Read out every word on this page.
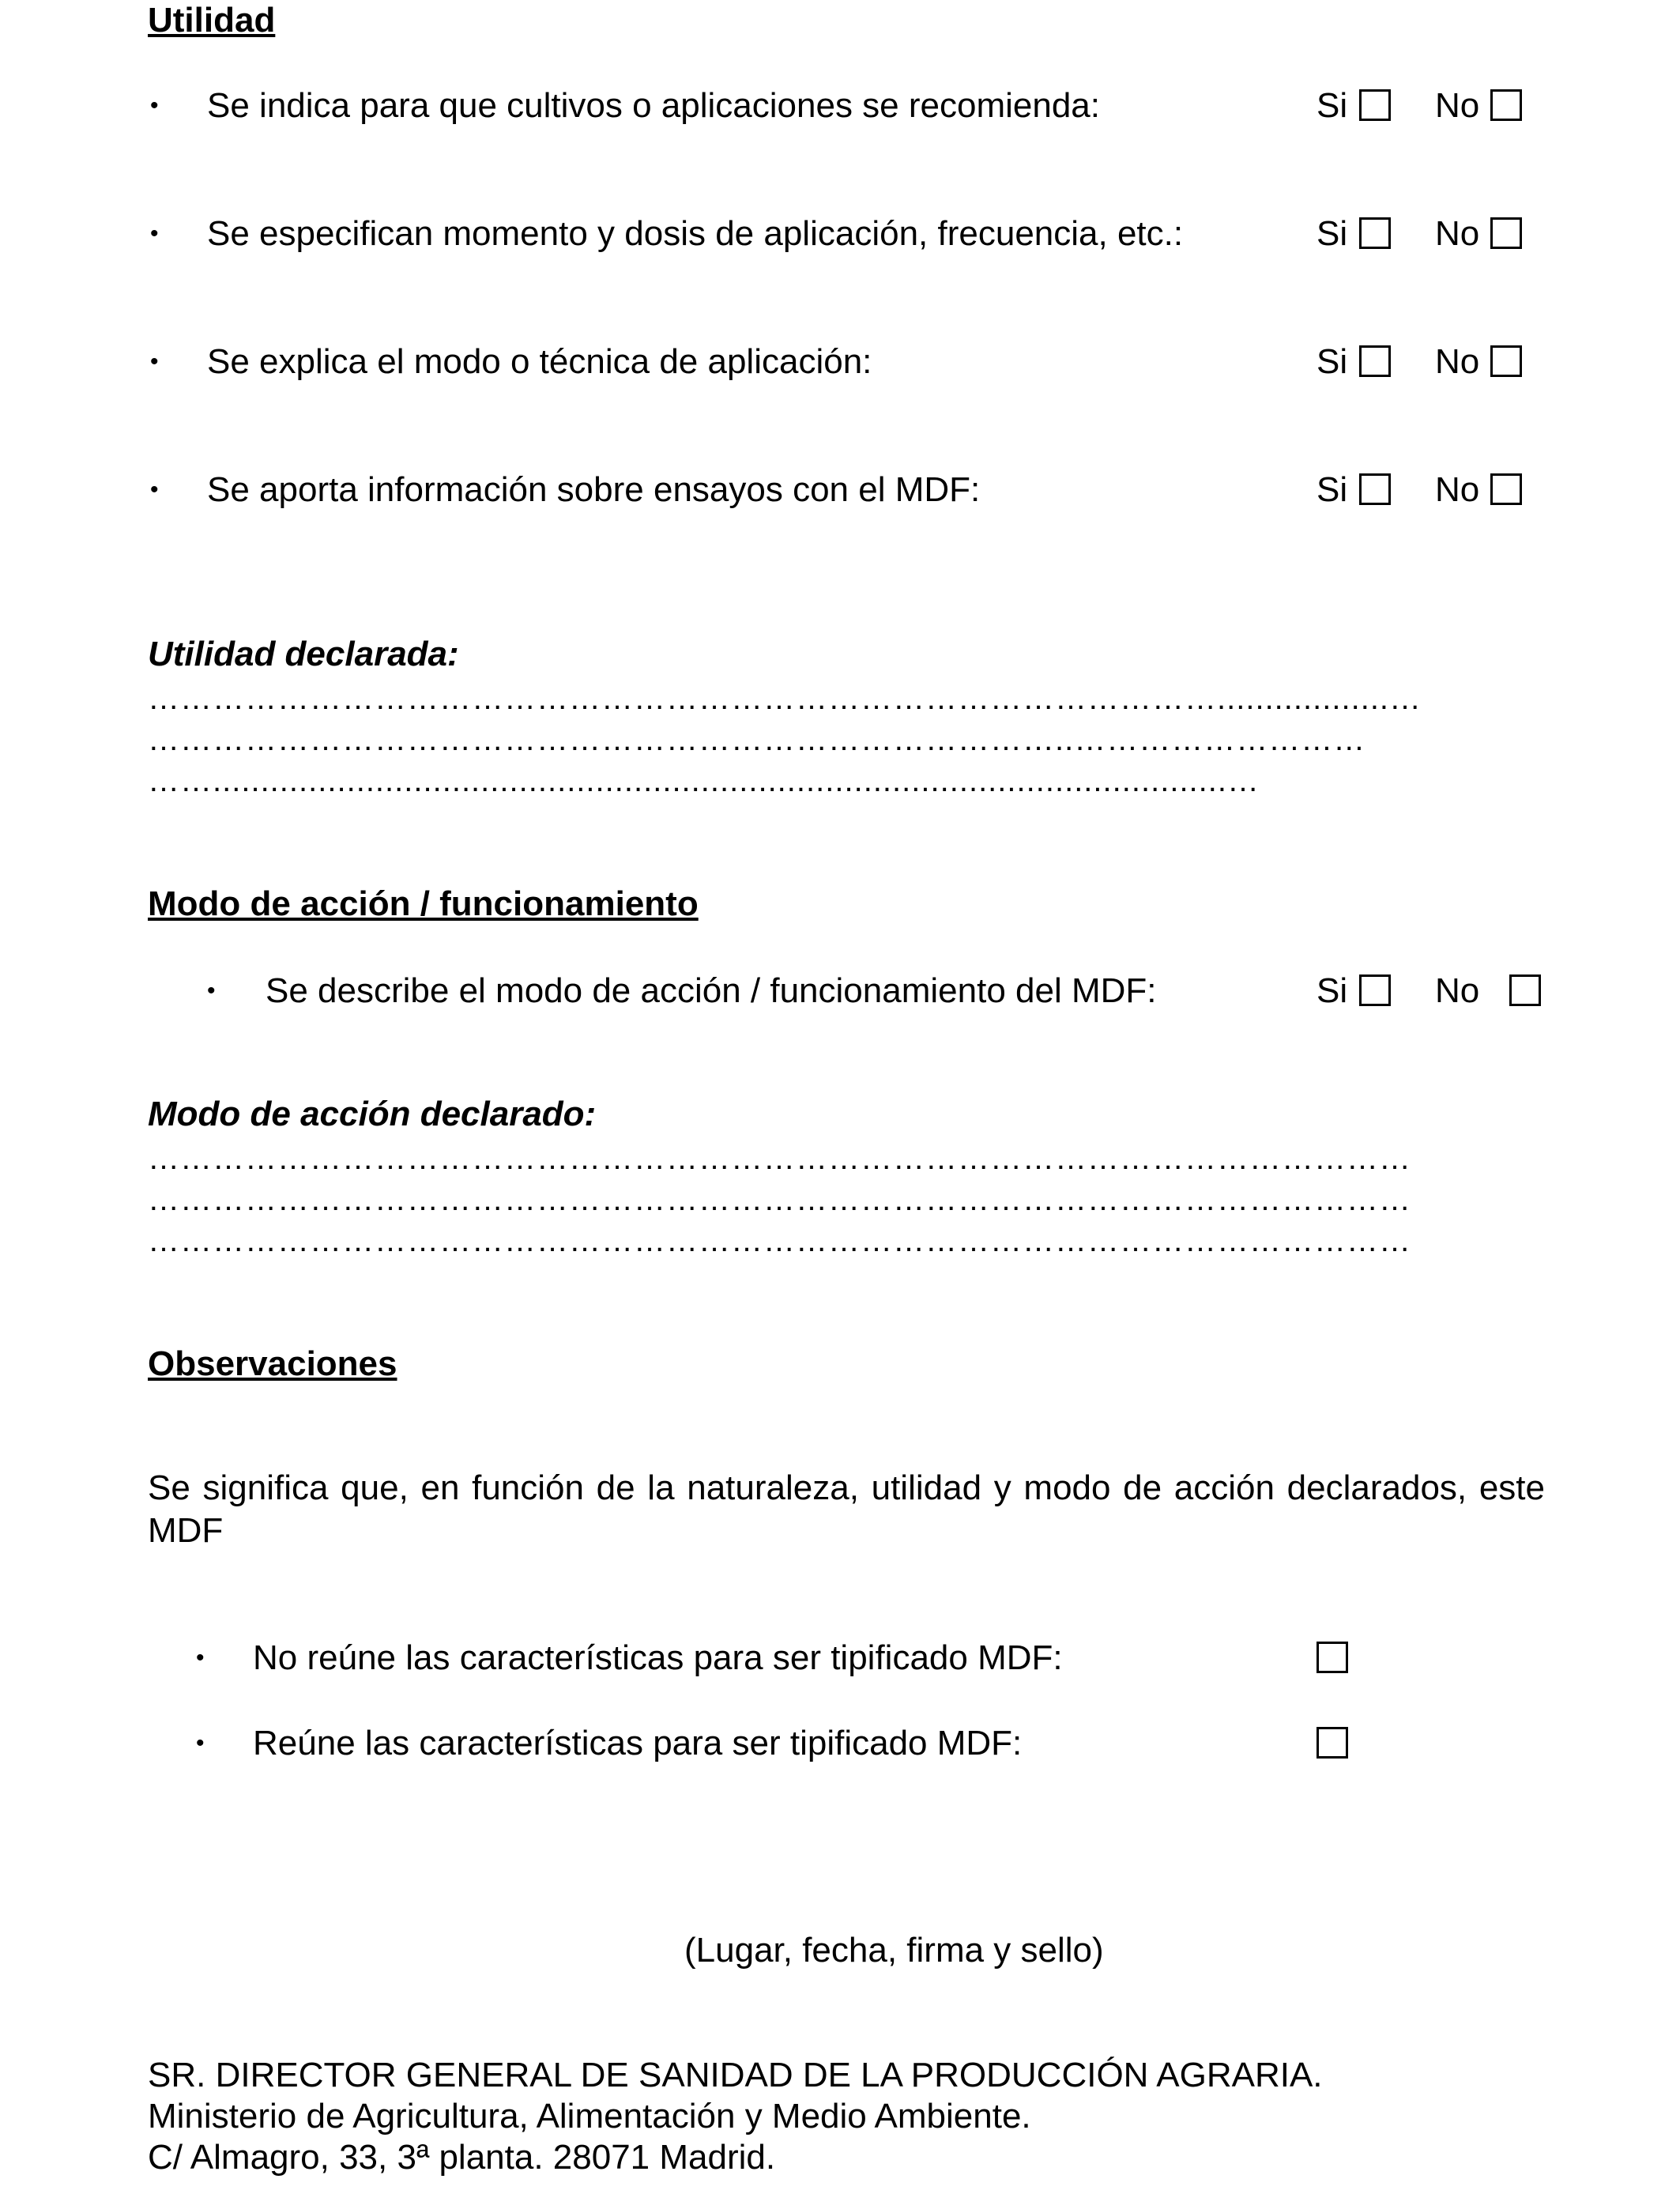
Utilidad
• Se indica para que cultivos o aplicaciones se recomienda:	Si	No
• Se especifican momento y dosis de aplicación, frecuencia, etc.:	Si	No
• Se explica el modo o técnica de aplicación:	Si	No
• Se aporta información sobre ensayos con el MDF:	Si	No
Utilidad declarada:
………………………………………………………………………………………..................…
…………………………………………………………………………..………………………
……..........................................................................................................…
Modo de acción / funcionamiento
• Se describe el modo de acción / funcionamiento del MDF:	Si	No
Modo de acción declarado:
………………………………………………………………………………………………………
………………………………………………………………………………………………………
………………………………………………………………………………………………………
Observaciones
Se significa que, en función de la naturaleza, utilidad y modo de acción declarados, este MDF
• No reúne las características para ser tipificado MDF:
• Reúne las características para ser tipificado MDF:
(Lugar, fecha, firma y sello)
SR. DIRECTOR GENERAL DE SANIDAD DE LA PRODUCCIÓN AGRARIA.
Ministerio de Agricultura, Alimentación y Medio Ambiente.
C/ Almagro, 33, 3ª planta. 28071 Madrid.
